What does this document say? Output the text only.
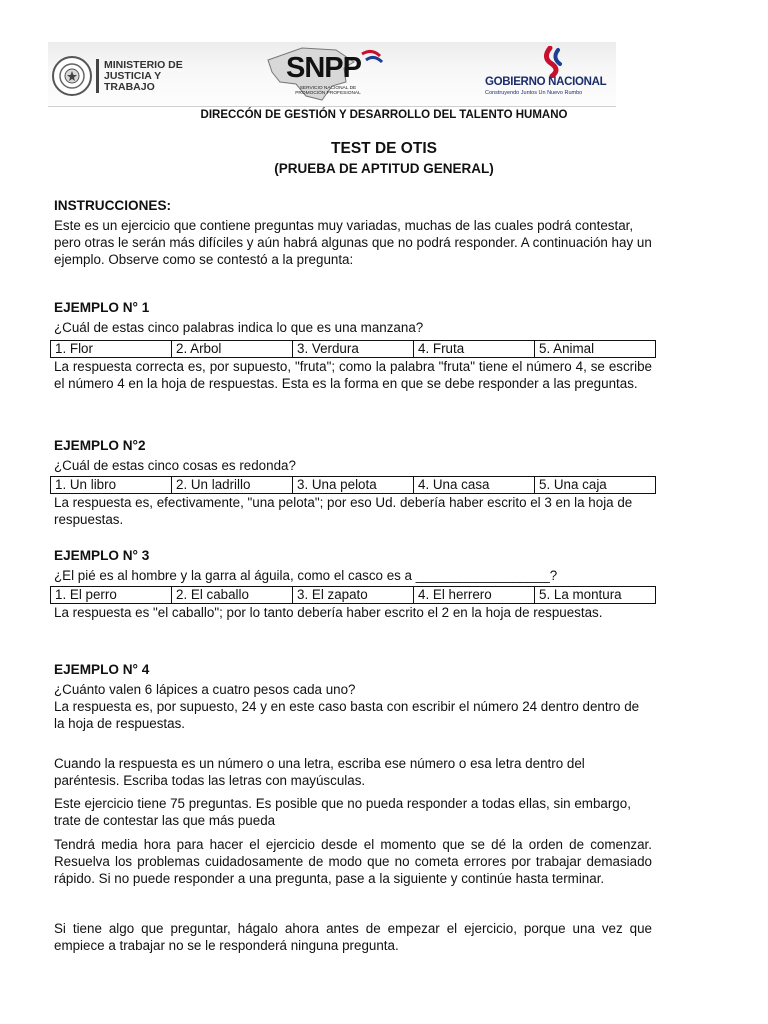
MINISTERIO DE
JUSTICIA Y
TRABAJO
SNPP
SERVICIO NACIONAL DE PROMOCIÓN PROFESIONAL
GOBIERNO NACIONAL
Construyendo Juntos Un Nuevo Rumbo
DIRECCÓN DE GESTIÓN Y DESARROLLO DEL TALENTO HUMANO
TEST DE OTIS
(PRUEBA DE APTITUD GENERAL)
INSTRUCCIONES:
Este es un ejercicio que contiene preguntas muy variadas, muchas de las cuales podrá contestar, pero otras le serán más difíciles y aún habrá algunas que no podrá responder. A continuación hay un ejemplo. Observe como se contestó a la pregunta:
EJEMPLO N° 1
¿Cuál de estas cinco palabras indica lo que es una manzana?
1. Flor	2. Arbol	3. Verdura	4. Fruta	5. Animal
La respuesta correcta es, por supuesto, "fruta"; como la palabra "fruta" tiene el número 4, se escribe el número 4 en la hoja de respuestas. Esta es la forma en que se debe responder a las preguntas.
EJEMPLO N°2
¿Cuál de estas cinco cosas es redonda?
1. Un libro	2. Un ladrillo	3. Una pelota	4. Una casa	5. Una caja
La respuesta es, efectivamente, "una pelota"; por eso Ud. debería haber escrito el 3 en la hoja de respuestas.
EJEMPLO N° 3
¿El pié es al hombre y la garra al águila, como el casco es a __________________?
1. El perro	2. El caballo	3. El zapato	4. El herrero	5. La montura
La respuesta es "el caballo"; por lo tanto debería haber escrito el 2 en la hoja de respuestas.
EJEMPLO N° 4
¿Cuánto valen 6 lápices a cuatro pesos cada uno?
La respuesta es, por supuesto, 24 y en este caso basta con escribir el número 24 dentro dentro de la hoja de respuestas.
Cuando la respuesta es un número o una letra, escriba ese número o esa letra dentro del paréntesis. Escriba todas las letras con mayúsculas.
Este ejercicio tiene 75 preguntas. Es posible que no pueda responder a todas ellas, sin embargo, trate de contestar las que más pueda
Tendrá media hora para hacer el ejercicio desde el momento que se dé la orden de comenzar. Resuelva los problemas cuidadosamente de modo que no cometa errores por trabajar demasiado rápido. Si no puede responder a una pregunta, pase a la siguiente y continúe hasta terminar.
Si tiene algo que preguntar, hágalo ahora antes de empezar el ejercicio, porque una vez que empiece a trabajar no se le responderá ninguna pregunta.
